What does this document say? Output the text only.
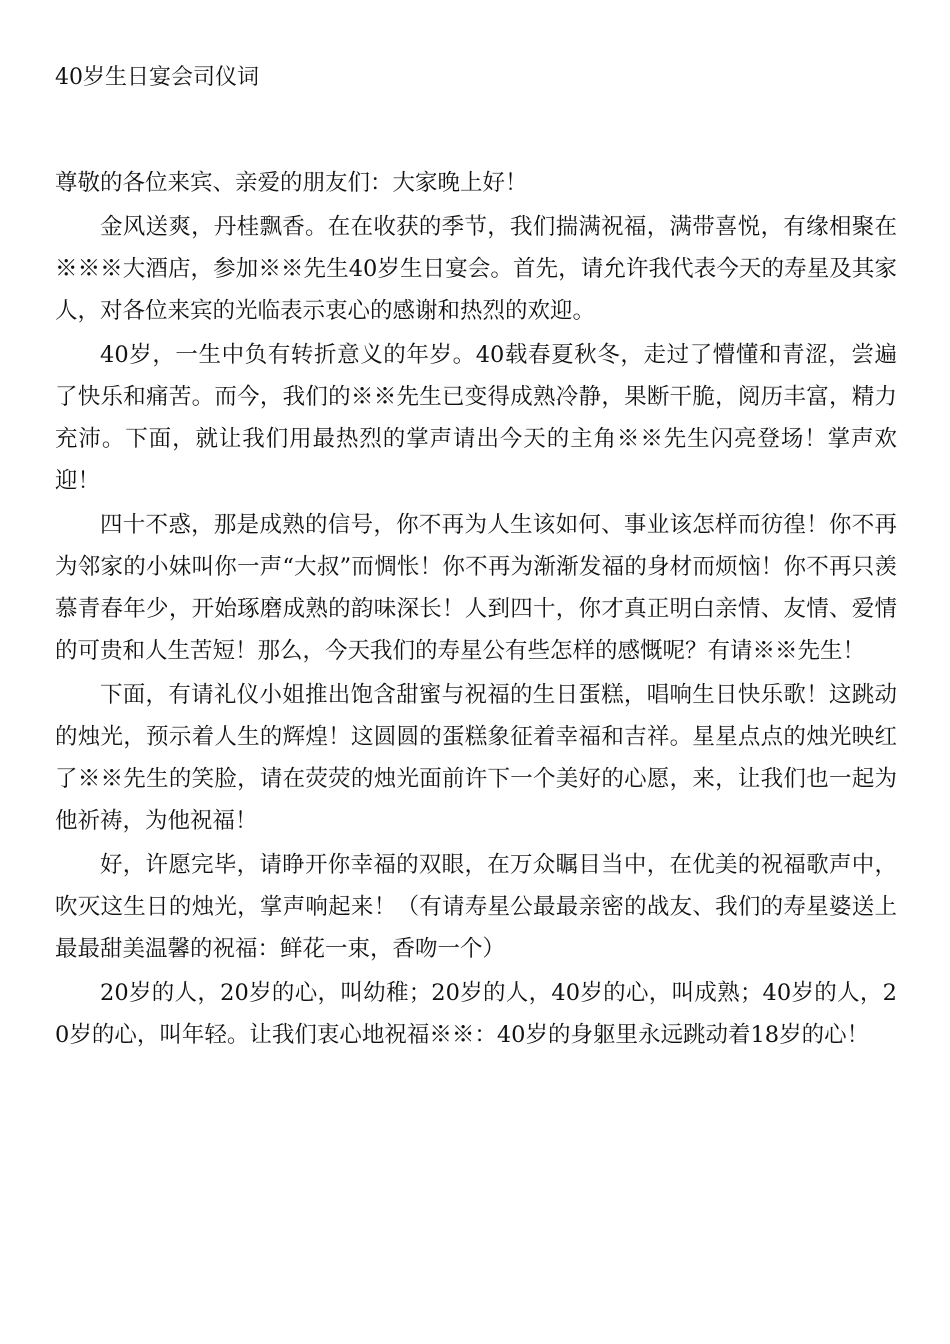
40岁生日宴会司仪词

尊敬的各位来宾、亲爱的朋友们：大家晚上好！

金风送爽，丹桂飘香。在在收获的季节，我们揣满祝福，满带喜悦，有缘相聚在※※※大酒店，参加※※先生40岁生日宴会。首先，请允许我代表今天的寿星及其家人，对各位来宾的光临表示衷心的感谢和热烈的欢迎。

40岁，一生中负有转折意义的年岁。40载春夏秋冬，走过了懵懂和青涩，尝遍了快乐和痛苦。而今，我们的※※先生已变得成熟冷静，果断干脆，阅历丰富，精力充沛。下面，就让我们用最热烈的掌声请出今天的主角※※先生闪亮登场！掌声欢迎！

四十不惑，那是成熟的信号，你不再为人生该如何、事业该怎样而彷徨！你不再为邻家的小妹叫你一声“大叔”而惆怅！你不再为渐渐发福的身材而烦恼！你不再只羡慕青春年少，开始琢磨成熟的韵味深长！人到四十，你才真正明白亲情、友情、爱情的可贵和人生苦短！那么，今天我们的寿星公有些怎样的感慨呢？有请※※先生！

下面，有请礼仪小姐推出饱含甜蜜与祝福的生日蛋糕，唱响生日快乐歌！这跳动的烛光，预示着人生的辉煌！这圆圆的蛋糕象征着幸福和吉祥。星星点点的烛光映红了※※先生的笑脸，请在荧荧的烛光面前许下一个美好的心愿，来，让我们也一起为他祈祷，为他祝福！

好，许愿完毕，请睁开你幸福的双眼，在万众瞩目当中，在优美的祝福歌声中，吹灭这生日的烛光，掌声响起来！（有请寿星公最最亲密的战友、我们的寿星婆送上最最甜美温馨的祝福：鲜花一束，香吻一个）

20岁的人，20岁的心，叫幼稚；20岁的人，40岁的心，叫成熟；40岁的人，20岁的心，叫年轻。让我们衷心地祝福※※：40岁的身躯里永远跳动着18岁的心！
